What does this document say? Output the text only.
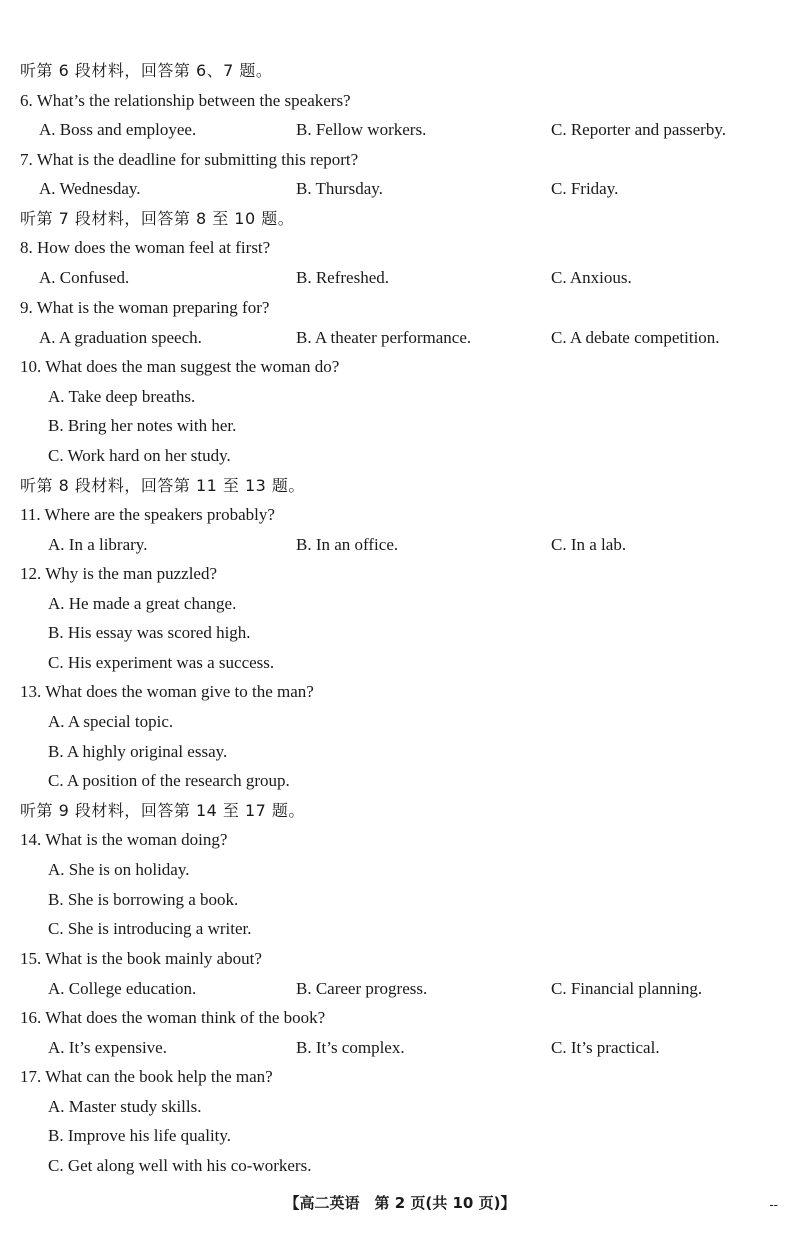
听第 6 段材料，回答第 6、7 题。
6. What’s the relationship between the speakers?
A. Boss and employee.	B. Fellow workers.	C. Reporter and passerby.
7. What is the deadline for submitting this report?
A. Wednesday.	B. Thursday.	C. Friday.
听第 7 段材料，回答第 8 至 10 题。
8. How does the woman feel at first?
A. Confused.	B. Refreshed.	C. Anxious.
9. What is the woman preparing for?
A. A graduation speech.	B. A theater performance.	C. A debate competition.
10. What does the man suggest the woman do?
A. Take deep breaths.
B. Bring her notes with her.
C. Work hard on her study.
听第 8 段材料，回答第 11 至 13 题。
11. Where are the speakers probably?
A. In a library.	B. In an office.	C. In a lab.
12. Why is the man puzzled?
A. He made a great change.
B. His essay was scored high.
C. His experiment was a success.
13. What does the woman give to the man?
A. A special topic.
B. A highly original essay.
C. A position of the research group.
听第 9 段材料，回答第 14 至 17 题。
14. What is the woman doing?
A. She is on holiday.
B. She is borrowing a book.
C. She is introducing a writer.
15. What is the book mainly about?
A. College education.	B. Career progress.	C. Financial planning.
16. What does the woman think of the book?
A. It’s expensive.	B. It’s complex.	C. It’s practical.
17. What can the book help the man?
A. Master study skills.
B. Improve his life quality.
C. Get along well with his co-workers.
【高二英语　第 2 页(共 10 页)】	--
